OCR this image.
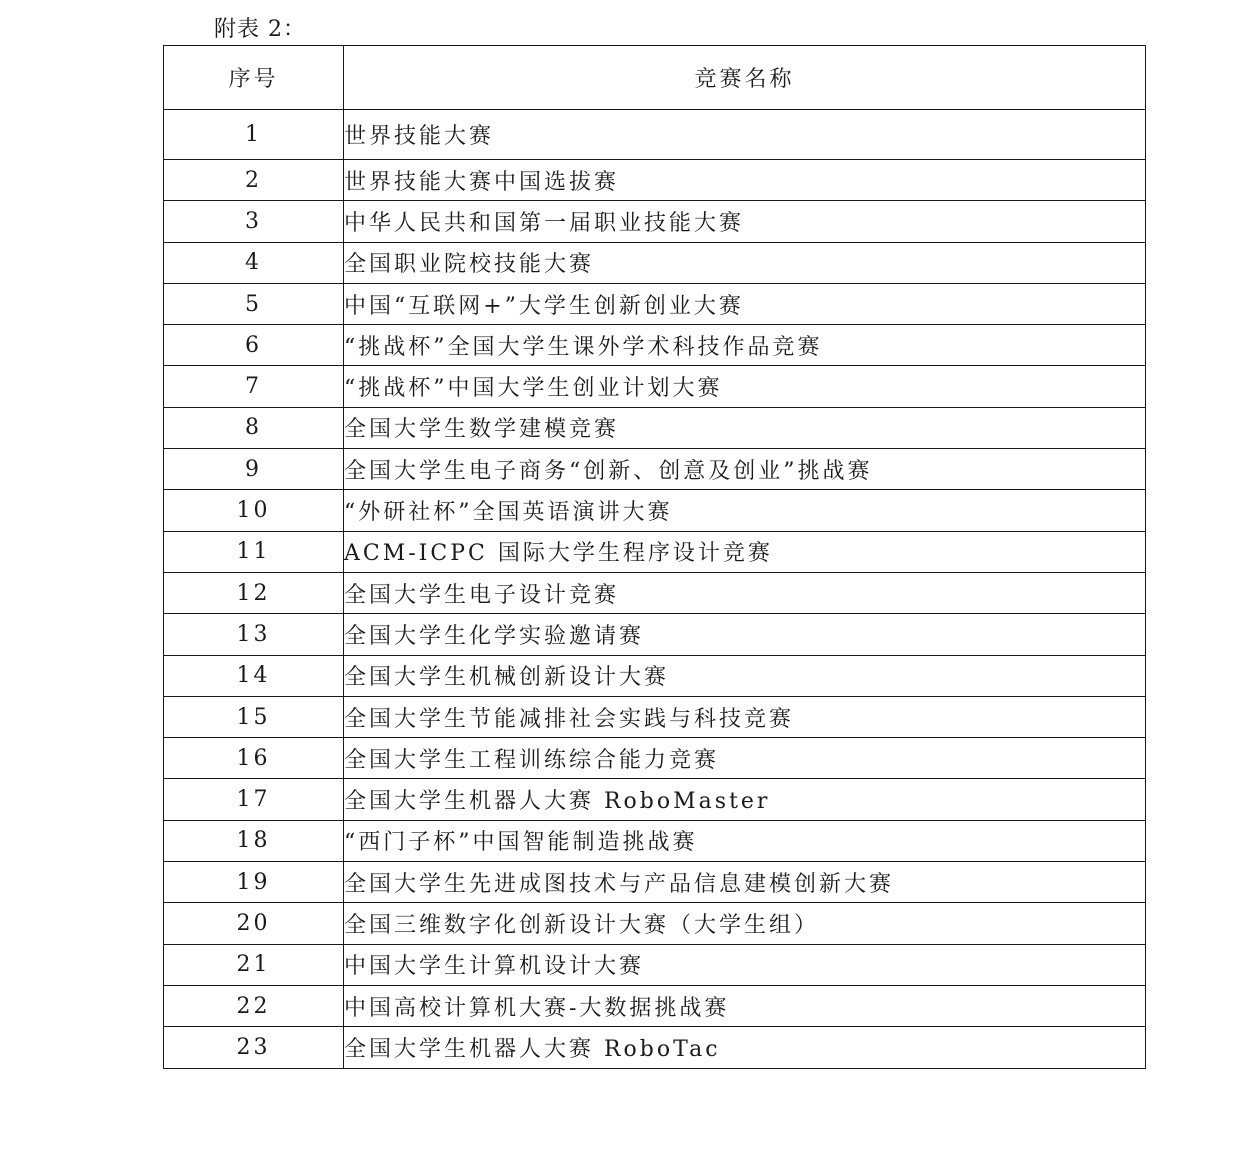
附表 2：
序号	竞赛名称
1	世界技能大赛
2	世界技能大赛中国选拔赛
3	中华人民共和国第一届职业技能大赛
4	全国职业院校技能大赛
5	中国“互联网+”大学生创新创业大赛
6	“挑战杯”全国大学生课外学术科技作品竞赛
7	“挑战杯”中国大学生创业计划大赛
8	全国大学生数学建模竞赛
9	全国大学生电子商务“创新、创意及创业”挑战赛
10	“外研社杯”全国英语演讲大赛
11	ACM-ICPC 国际大学生程序设计竞赛
12	全国大学生电子设计竞赛
13	全国大学生化学实验邀请赛
14	全国大学生机械创新设计大赛
15	全国大学生节能减排社会实践与科技竞赛
16	全国大学生工程训练综合能力竞赛
17	全国大学生机器人大赛 RoboMaster
18	“西门子杯”中国智能制造挑战赛
19	全国大学生先进成图技术与产品信息建模创新大赛
20	全国三维数字化创新设计大赛（大学生组）
21	中国大学生计算机设计大赛
22	中国高校计算机大赛-大数据挑战赛
23	全国大学生机器人大赛 RoboTac
